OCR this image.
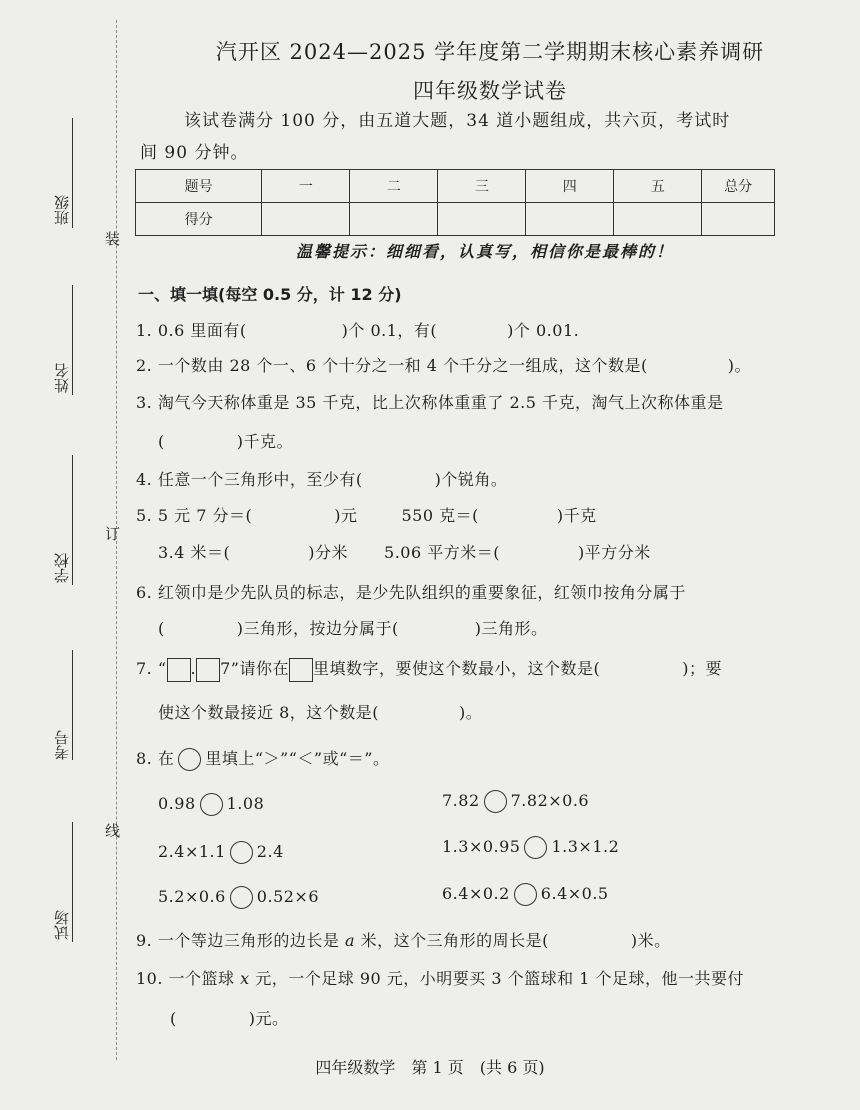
班级
姓名
学校
考号
试场
装
订
线
汽开区 2024—2025 学年度第二学期期末核心素养调研
四年级数学试卷
该试卷满分 100 分，由五道大题，34 道小题组成，共六页，考试时
间 90 分钟。
题号	一	二	三	四	五	总分
得分						
温馨提示：细细看，认真写，相信你是最棒的！
一、填一填(每空 0.5 分，计 12 分)
1. 0.6 里面有(	)个 0.1，有(	)个 0.01.
2. 一个数由 28 个一、6 个十分之一和 4 个千分之一组成，这个数是(	)。
3. 淘气今天称体重是 35 千克，比上次称体重重了 2.5 千克，淘气上次称体重是
(	)千克。
4. 任意一个三角形中，至少有(	)个锐角。
5. 5 元 7 分＝(	)元	550 克＝(	)千克
3.4 米＝(	)分米 5.06 平方米＝(	)平方分米
6. 红领巾是少先队员的标志，是少先队组织的重要象征，红领巾按角分属于
(	)三角形，按边分属于(	)三角形。
7. “ . 7”请你在 里填数字，要使这个数最小，这个数是(	)；要
使这个数最接近 8，这个数是(	)。
8. 在 里填上“＞”“＜”或“＝”。
0.98 1.08	7.82 7.82×0.6
2.4×1.1 2.4	1.3×0.95 1.3×1.2
5.2×0.6 0.52×6	6.4×0.2 6.4×0.5
9. 一个等边三角形的边长是 a 米，这个三角形的周长是(	)米。
10. 一个篮球 x 元，一个足球 90 元，小明要买 3 个篮球和 1 个足球，他一共要付
(	)元。
四年级数学　第 1 页　(共 6 页)
